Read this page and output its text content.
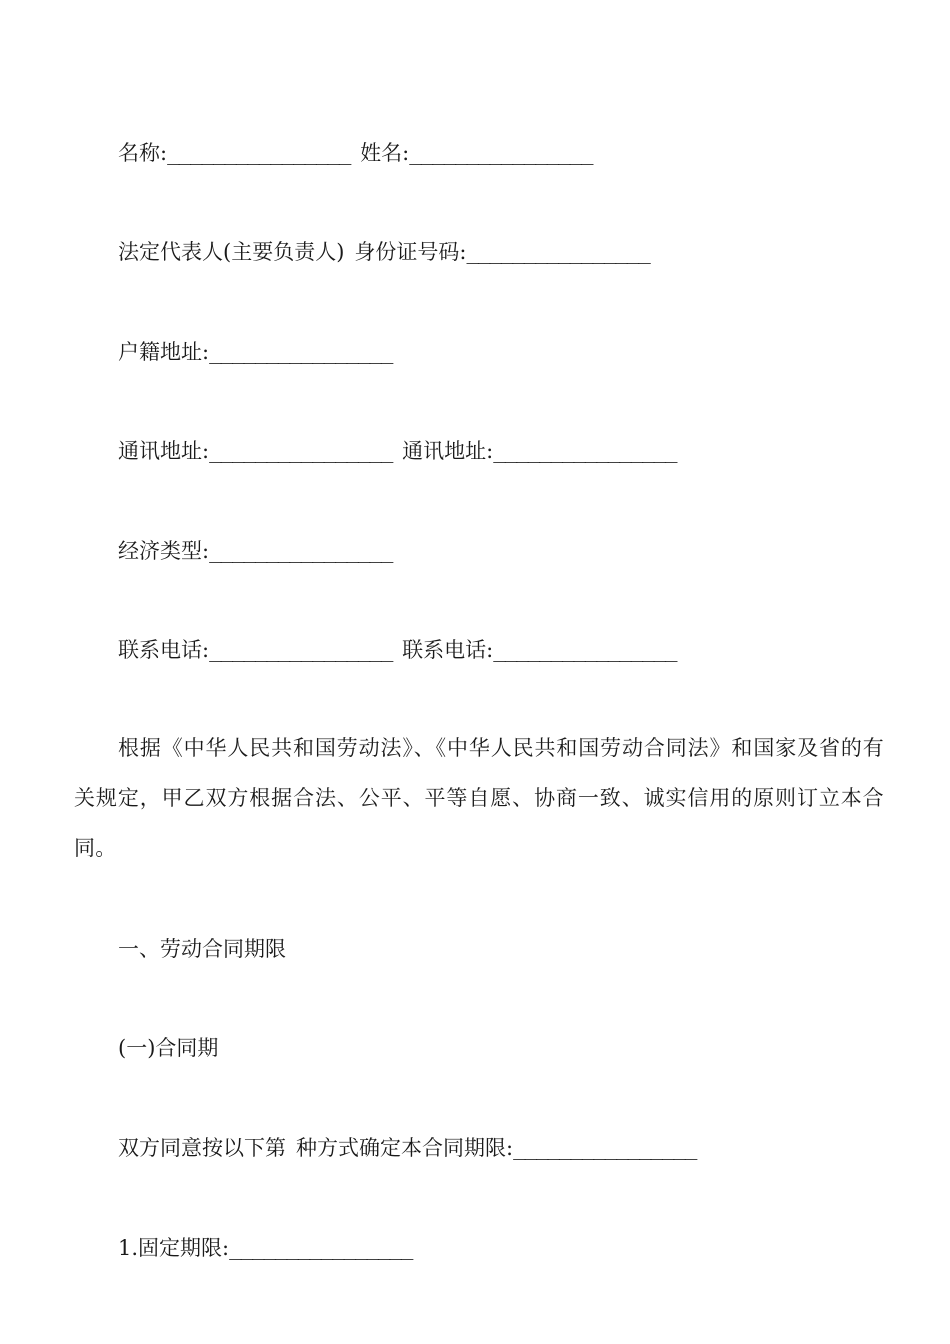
名称:________________ 姓名:________________
法定代表人(主要负责人) 身份证号码:________________
户籍地址:________________
通讯地址:________________ 通讯地址:________________
经济类型:________________
联系电话:________________ 联系电话:________________
根据《中华人民共和国劳动法》、《中华人民共和国劳动合同法》和国家及省的有关规定，甲乙双方根据合法、公平、平等自愿、协商一致、诚实信用的原则订立本合同。
一、劳动合同期限
(一)合同期
双方同意按以下第 种方式确定本合同期限:________________
1.固定期限:________________
